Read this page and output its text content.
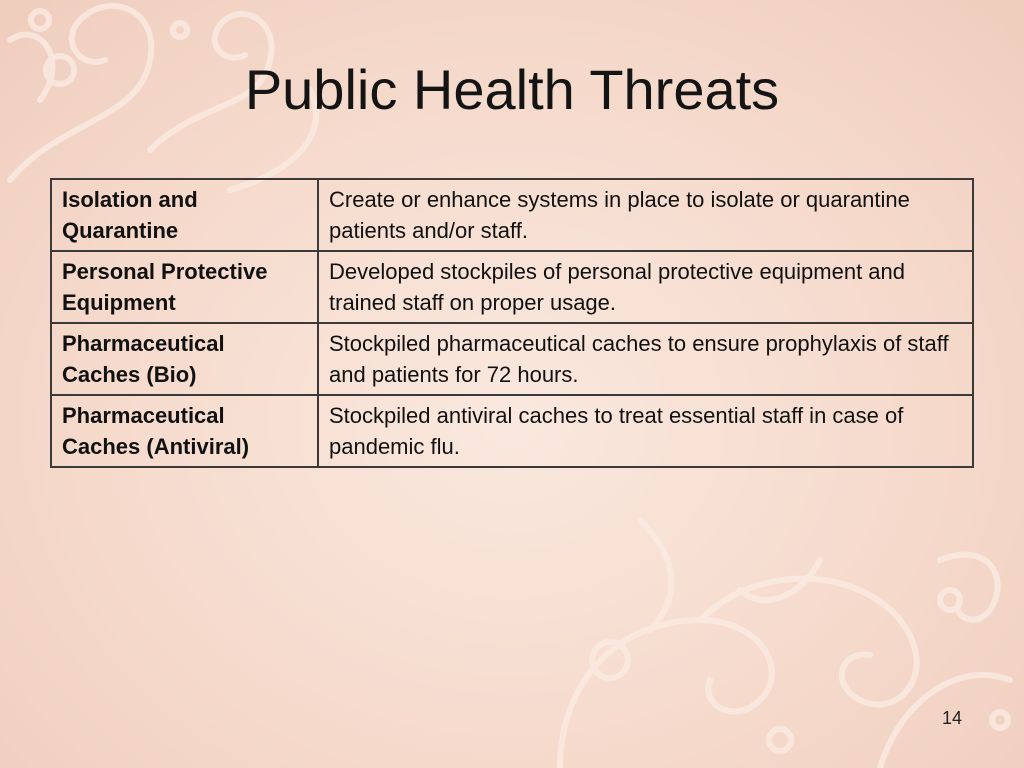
Public Health Threats
Isolation and Quarantine	Create or enhance systems in place to isolate or quarantine patients and/or staff.
Personal Protective Equipment	Developed stockpiles of personal protective equipment and trained staff on proper usage.
Pharmaceutical Caches (Bio)	Stockpiled pharmaceutical caches to ensure prophylaxis of staff and patients for 72 hours.
Pharmaceutical Caches (Antiviral)	Stockpiled antiviral caches to treat essential staff in case of pandemic flu.
14
